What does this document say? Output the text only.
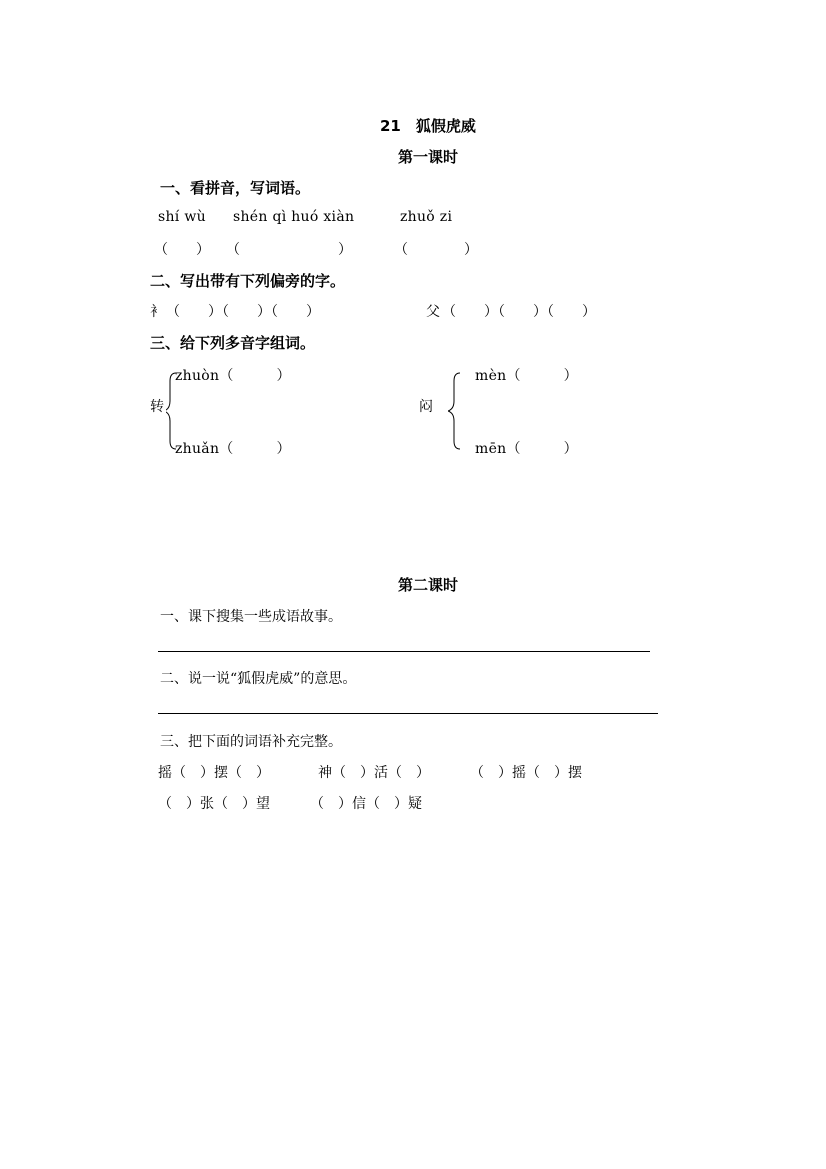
21　狐假虎威
第一课时
一、看拼音，写词语。
shí wù shén qì huó xiàn	zhuǒ zi
（　　） （　　　　　　　）	（　　　　）
二、写出带有下列偏旁的字。
衤 （　　）（　　）（　　）	父 （　　）（　　）（　　）
三、给下列多音字组词。
zhuòn（　　　）
转
zhuǎn（　　　）
mèn（　　　）
闷
mēn（　　　）
第二课时
一、课下搜集一些成语故事。
二、说一说“狐假虎威”的意思。
三、把下面的词语补充完整。
摇（　）摆（　）	神（　）活（　）	（　）摇（　）摆
（　）张（　）望	（　）信（　）疑
